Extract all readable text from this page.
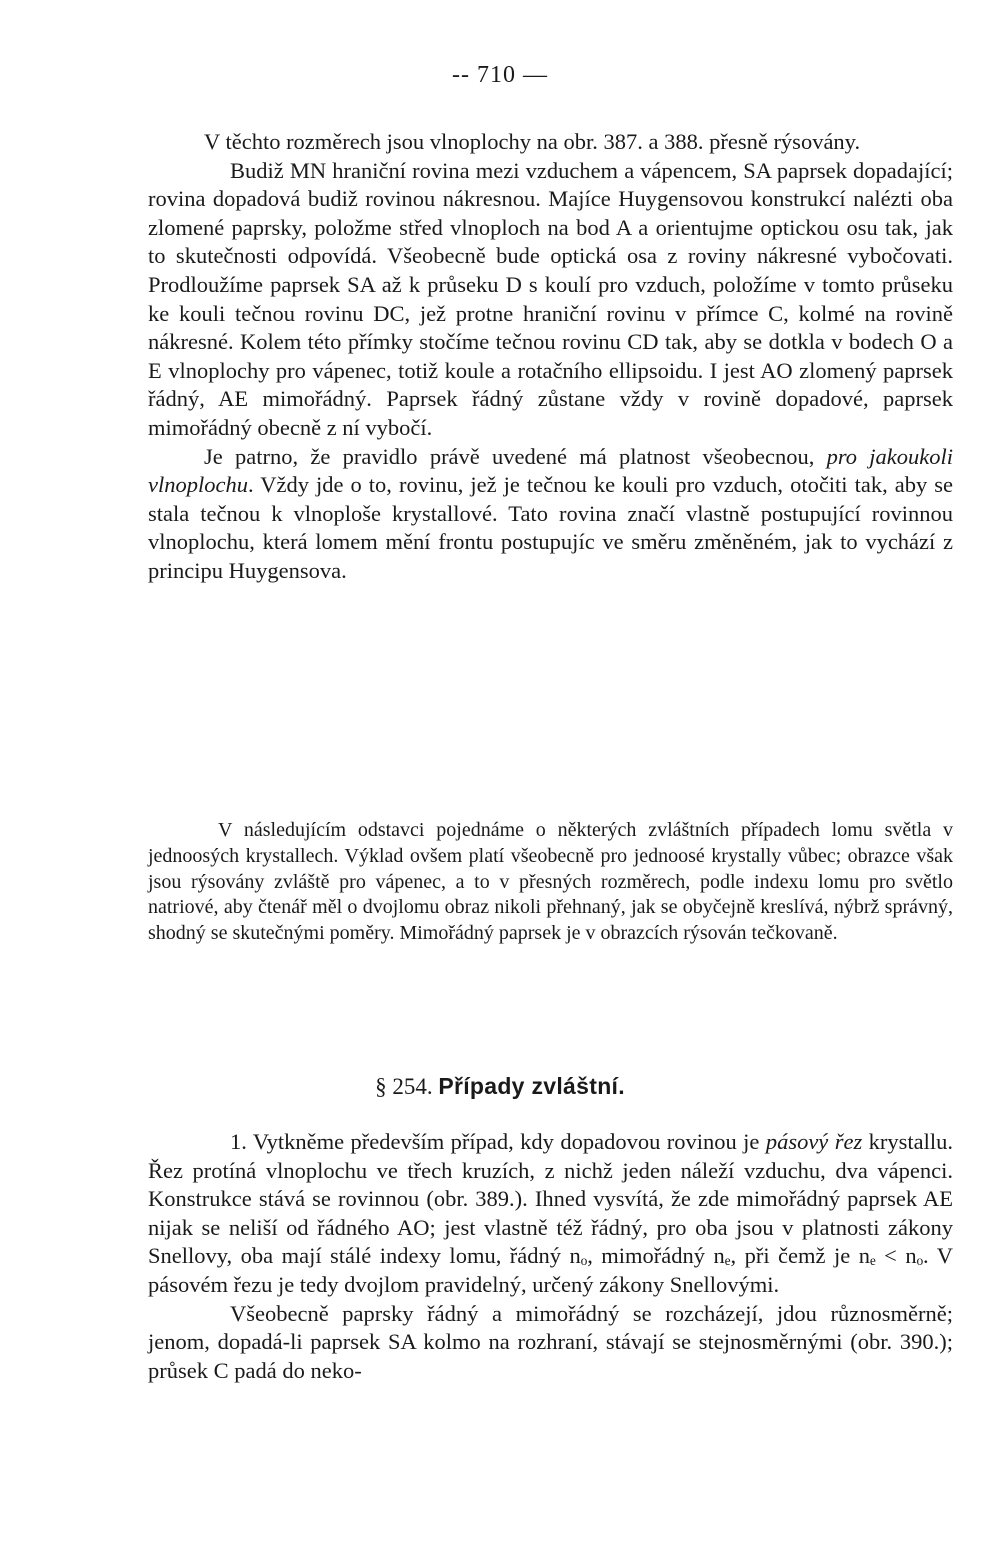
-- 710 —

V těchto rozměrech jsou vlnoplochy na obr. 387. a 388. přesně rýsovány.

Budiž MN hraniční rovina mezi vzduchem a vápencem, SA paprsek dopadající; rovina dopadová budiž rovinou nákresnou. Majíce Huygensovou konstrukcí nalézti oba zlomené paprsky, položme střed vlnoploch na bod A a orientujme optickou osu tak, jak to skutečnosti odpovídá. Všeobecně bude optická osa z roviny nákresné vybočovati. Prodloužíme paprsek SA až k průseku D s koulí pro vzduch, položíme v tomto průseku ke kouli tečnou rovinu DC, jež protne hraniční rovinu v přímce C, kolmé na rovině nákresné. Kolem této přímky stočíme tečnou rovinu CD tak, aby se dotkla v bodech O a E vlnoplochy pro vápenec, totiž koule a rotačního ellipsoidu. I jest AO zlomený paprsek řádný, AE mimořádný. Paprsek řádný zůstane vždy v rovině dopadové, paprsek mimořádný obecně z ní vybočí.

Je patrno, že pravidlo právě uvedené má platnost všeobecnou, pro jakoukoli vlnoplochu. Vždy jde o to, rovinu, jež je tečnou ke kouli pro vzduch, otočiti tak, aby se stala tečnou k vlnoploše krystallové. Tato rovina značí vlastně postupující rovinnou vlnoplochu, která lomem mění frontu postupujíc ve směru změněném, jak to vychází z principu Huygensova.

V následujícím odstavci pojednáme o některých zvláštních případech lomu světla v jednoosých krystallech. Výklad ovšem platí všeobecně pro jednoosé krystally vůbec; obrazce však jsou rýsovány zvláště pro vápenec, a to v přesných rozměrech, podle indexu lomu pro světlo natriové, aby čtenář měl o dvojlomu obraz nikoli přehnaný, jak se obyčejně kreslívá, nýbrž správný, shodný se skutečnými poměry. Mimořádný paprsek je v obrazcích rýsován tečkovaně.

§ 254. Případy zvláštní.

1. Vytkněme především případ, kdy dopadovou rovinou je pásový řez krystallu. Řez protíná vlnoplochu ve třech kruzích, z nichž jeden náleží vzduchu, dva vápenci. Konstrukce stává se rovinnou (obr. 389.). Ihned vysvítá, že zde mimořádný paprsek AE nijak se neliší od řádného AO; jest vlastně též řádný, pro oba jsou v platnosti zákony Snellovy, oba mají stálé indexy lomu, řádný nₒ, mimořádný nₑ, při čemž je nₑ < nₒ. V pásovém řezu je tedy dvojlom pravidelný, určený zákony Snellovými.

Všeobecně paprsky řádný a mimořádný se rozcházejí, jdou různosměrně; jenom, dopadá-li paprsek SA kolmo na rozhraní, stávají se stejnosměrnými (obr. 390.); průsek C padá do neko-
